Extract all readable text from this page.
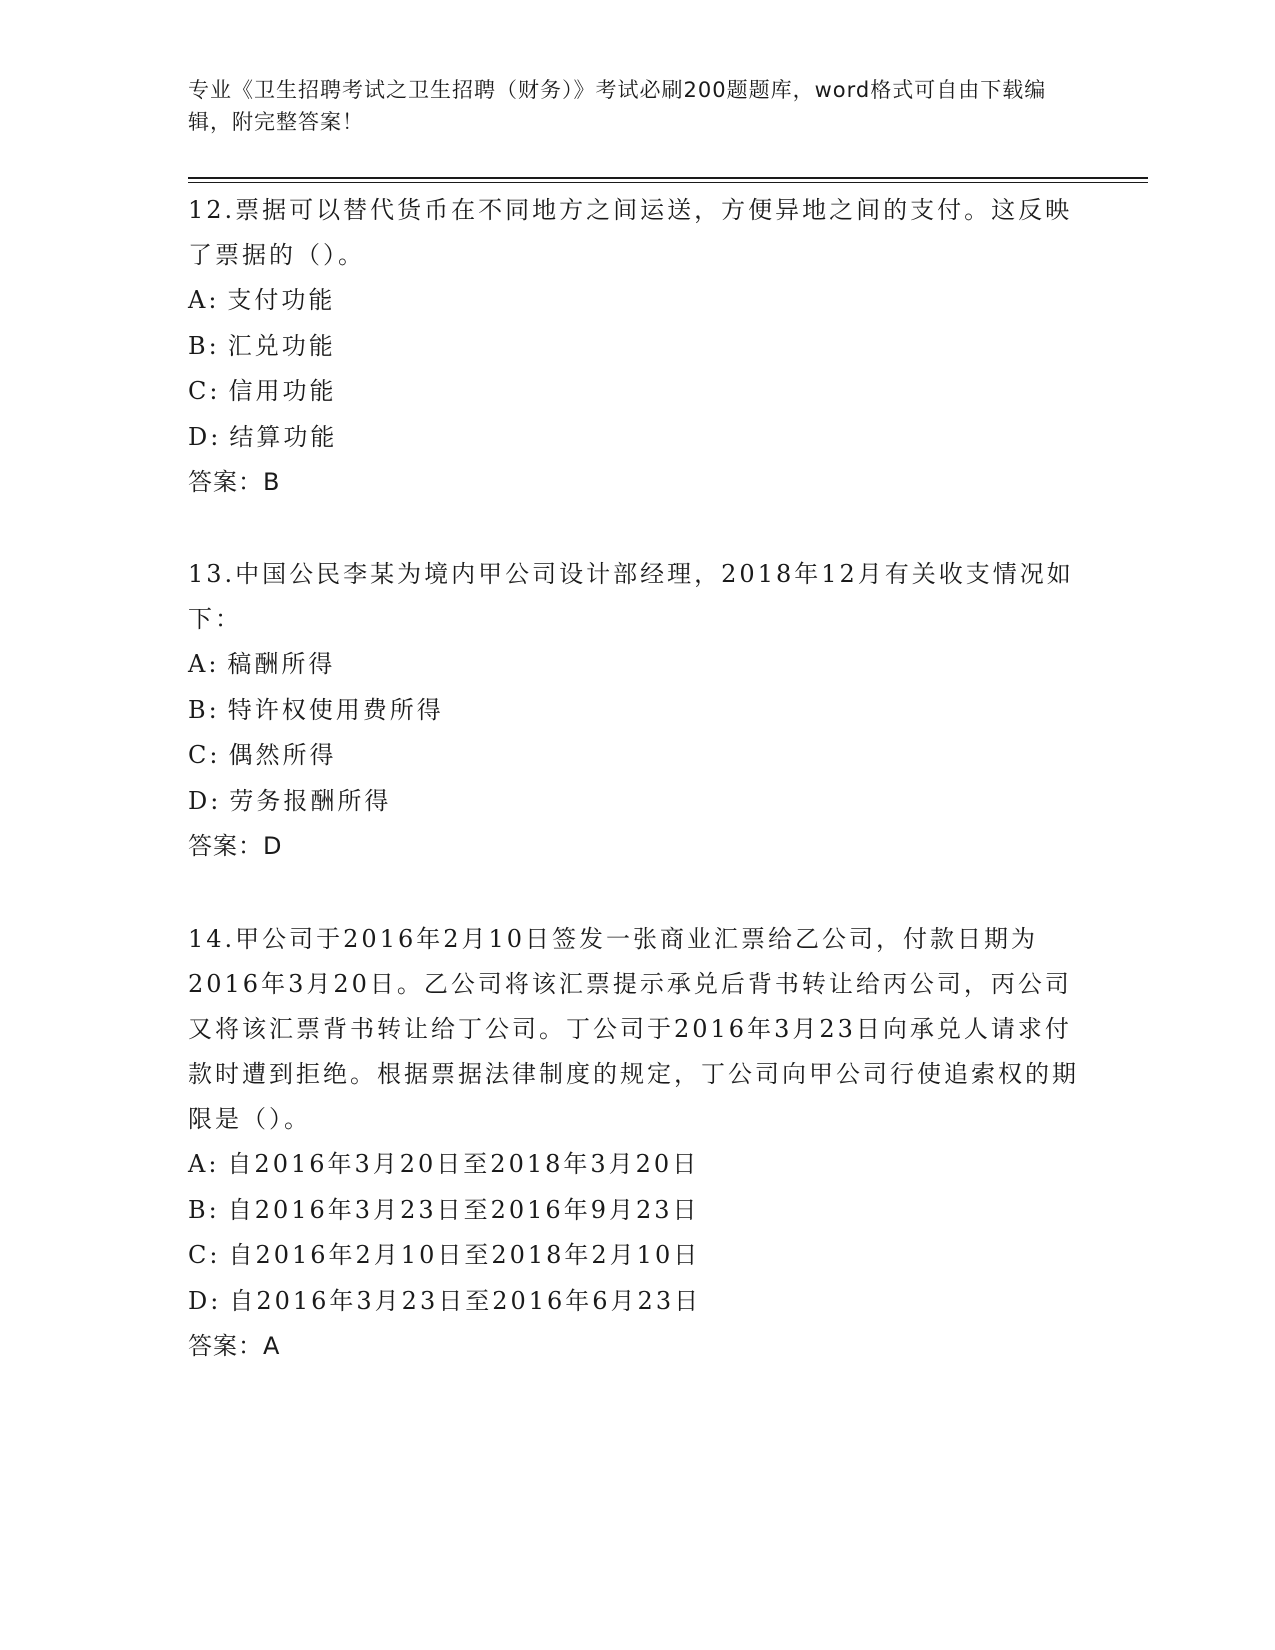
专业《卫生招聘考试之卫生招聘（财务）》考试必刷200题题库，word格式可自由下载编辑，附完整答案！
12.票据可以替代货币在不同地方之间运送，方便异地之间的支付。这反映了票据的（）。
A: 支付功能
B: 汇兑功能
C: 信用功能
D: 结算功能
答案：B
13.中国公民李某为境内甲公司设计部经理，2018年12月有关收支情况如下：
A: 稿酬所得
B: 特许权使用费所得
C: 偶然所得
D: 劳务报酬所得
答案：D
14.甲公司于2016年2月10日签发一张商业汇票给乙公司，付款日期为2016年3月20日。乙公司将该汇票提示承兑后背书转让给丙公司，丙公司又将该汇票背书转让给丁公司。丁公司于2016年3月23日向承兑人请求付款时遭到拒绝。根据票据法律制度的规定，丁公司向甲公司行使追索权的期限是（）。
A: 自2016年3月20日至2018年3月20日
B: 自2016年3月23日至2016年9月23日
C: 自2016年2月10日至2018年2月10日
D: 自2016年3月23日至2016年6月23日
答案：A
